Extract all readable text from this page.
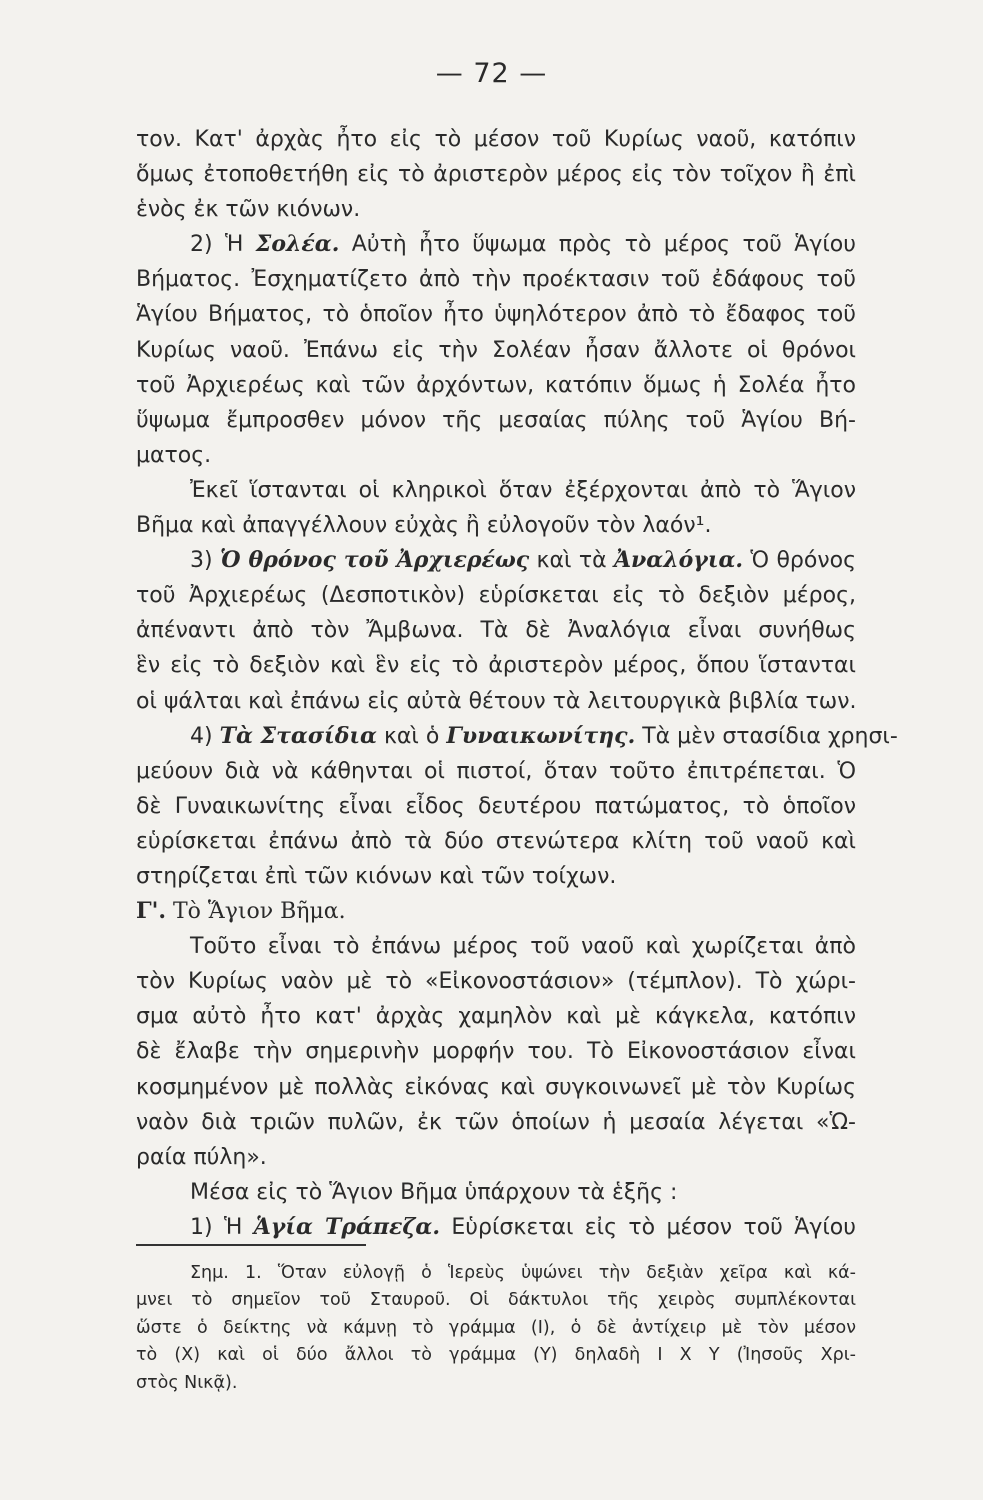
— 72 —
τον. Κατ' ἀρχὰς ἦτο εἰς τὸ μέσον τοῦ Κυρίως ναοῦ, κατόπιν
ὅμως ἐτοποθετήθη εἰς τὸ ἀριστερὸν μέρος εἰς τὸν τοῖχον ἢ ἐπὶ
ἑνὸς ἐκ τῶν κιόνων.
2) Ἡ Σολέα. Αὐτὴ ἦτο ὕψωμα πρὸς τὸ μέρος τοῦ Ἁγίου
Βήματος. Ἐσχηματίζετο ἀπὸ τὴν προέκτασιν τοῦ ἐδάφους τοῦ
Ἁγίου Βήματος, τὸ ὁποῖον ἦτο ὑψηλότερον ἀπὸ τὸ ἔδαφος τοῦ
Κυρίως ναοῦ. Ἐπάνω εἰς τὴν Σολέαν ἦσαν ἄλλοτε οἱ θρόνοι
τοῦ Ἀρχιερέως καὶ τῶν ἀρχόντων, κατόπιν ὅμως ἡ Σολέα ἦτο
ὕψωμα ἔμπροσθεν μόνον τῆς μεσαίας πύλης τοῦ Ἁγίου Βή-
ματος.
Ἐκεῖ ἵστανται οἱ κληρικοὶ ὅταν ἐξέρχονται ἀπὸ τὸ Ἅγιον
Βῆμα καὶ ἀπαγγέλλουν εὐχὰς ἢ εὐλογοῦν τὸν λαόν¹.
3) Ὁ θρόνος τοῦ Ἀρχιερέως καὶ τὰ Ἀναλόγια. Ὁ θρόνος
τοῦ Ἀρχιερέως (Δεσποτικὸν) εὑρίσκεται εἰς τὸ δεξιὸν μέρος,
ἀπέναντι ἀπὸ τὸν Ἄμβωνα. Τὰ δὲ Ἀναλόγια εἶναι συνήθως
ἓν εἰς τὸ δεξιὸν καὶ ἓν εἰς τὸ ἀριστερὸν μέρος, ὅπου ἵστανται
οἱ ψάλται καὶ ἐπάνω εἰς αὐτὰ θέτουν τὰ λειτουργικὰ βιβλία των.
4) Τὰ Στασίδια καὶ ὁ Γυναικωνίτης. Τὰ μὲν στασίδια χρησι-
μεύουν διὰ νὰ κάθηνται οἱ πιστοί, ὅταν τοῦτο ἐπιτρέπεται. Ὁ
δὲ Γυναικωνίτης εἶναι εἶδος δευτέρου πατώματος, τὸ ὁποῖον
εὑρίσκεται ἐπάνω ἀπὸ τὰ δύο στενώτερα κλίτη τοῦ ναοῦ καὶ
στηρίζεται ἐπὶ τῶν κιόνων καὶ τῶν τοίχων.
Γ'. Τὸ Ἅγιον Βῆμα.
Τοῦτο εἶναι τὸ ἐπάνω μέρος τοῦ ναοῦ καὶ χωρίζεται ἀπὸ
τὸν Κυρίως ναὸν μὲ τὸ «Εἰκονοστάσιον» (τέμπλον). Τὸ χώρι-
σμα αὐτὸ ἦτο κατ' ἀρχὰς χαμηλὸν καὶ μὲ κάγκελα, κατόπιν
δὲ ἔλαβε τὴν σημερινὴν μορφήν του. Τὸ Εἰκονοστάσιον εἶναι
κοσμημένον μὲ πολλὰς εἰκόνας καὶ συγκοινωνεῖ μὲ τὸν Κυρίως
ναὸν διὰ τριῶν πυλῶν, ἐκ τῶν ὁποίων ἡ μεσαία λέγεται «Ὡ-
ραία πύλη».
Μέσα εἰς τὸ Ἅγιον Βῆμα ὑπάρχουν τὰ ἑξῆς :
1) Ἡ Ἁγία Τράπεζα. Εὑρίσκεται εἰς τὸ μέσον τοῦ Ἁγίου
Σημ. 1. Ὅταν εὐλογῇ ὁ Ἱερεὺς ὑψώνει τὴν δεξιὰν χεῖρα καὶ κά-
μνει τὸ σημεῖον τοῦ Σταυροῦ. Οἱ δάκτυλοι τῆς χειρὸς συμπλέκονται
ὥστε ὁ δείκτης νὰ κάμνῃ τὸ γράμμα (Ι), ὁ δὲ ἀντίχειρ μὲ τὸν μέσον
τὸ (Χ) καὶ οἱ δύο ἄλλοι τὸ γράμμα (Υ) δηλαδὴ Ι Χ Υ (Ἰησοῦς Χρι-
στὸς Νικᾷ).
